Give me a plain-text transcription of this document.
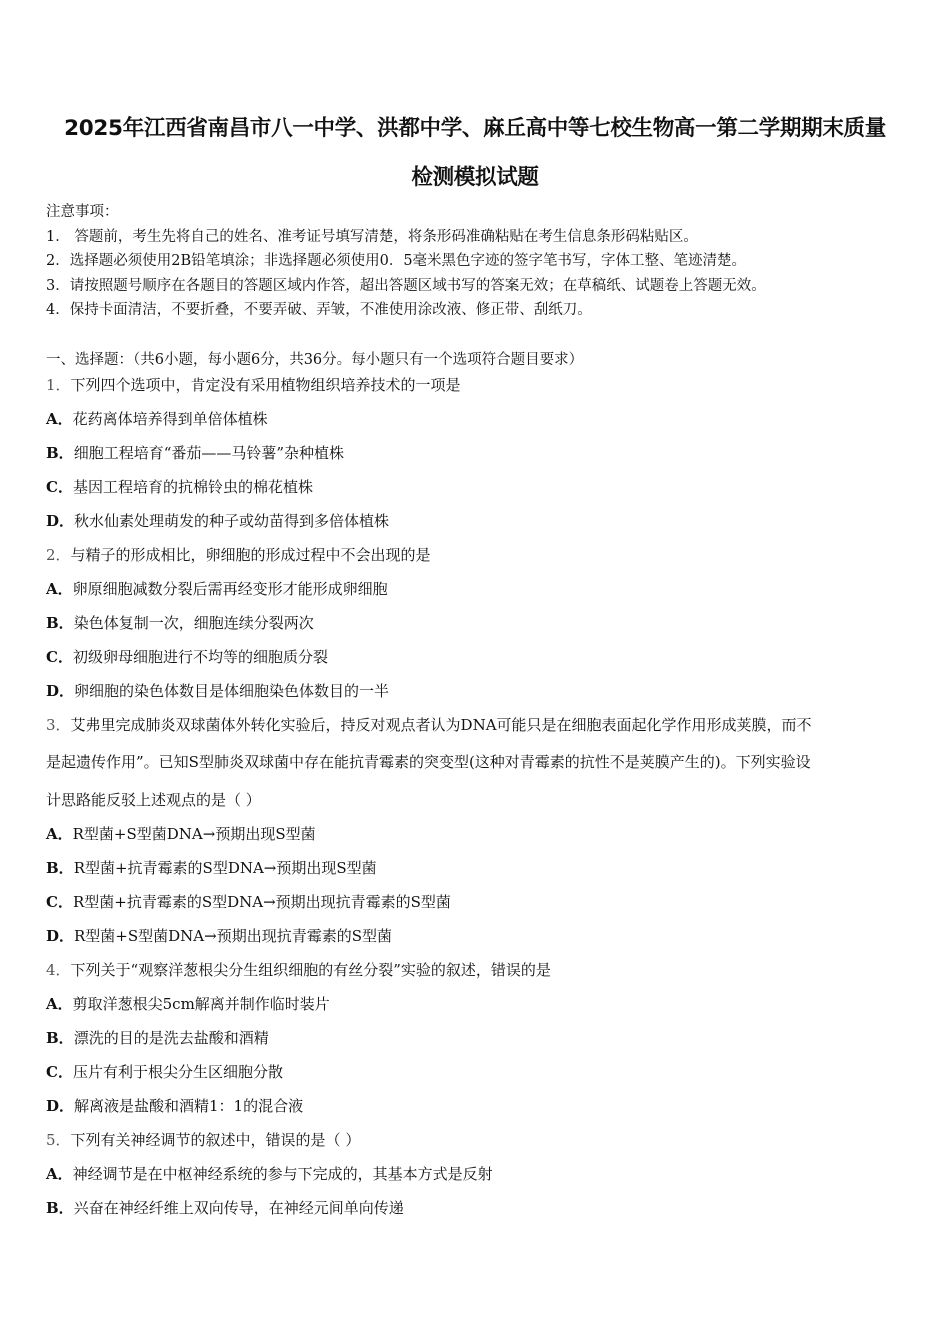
2025年江西省南昌市八一中学、洪都中学、麻丘高中等七校生物高一第二学期期末质量
检测模拟试题
注意事项：
1． 答题前，考生先将自己的姓名、准考证号填写清楚，将条形码准确粘贴在考生信息条形码粘贴区。
2．选择题必须使用2B铅笔填涂；非选择题必须使用0．5毫米黑色字迹的签字笔书写，字体工整、笔迹清楚。
3．请按照题号顺序在各题目的答题区域内作答，超出答题区域书写的答案无效；在草稿纸、试题卷上答题无效。
4．保持卡面清洁，不要折叠，不要弄破、弄皱，不准使用涂改液、修正带、刮纸刀。
一、选择题：（共6小题，每小题6分，共36分。每小题只有一个选项符合题目要求）
1．下列四个选项中，肯定没有采用植物组织培养技术的一项是
A．花药离体培养得到单倍体植株
B．细胞工程培育“番茄——马铃薯”杂种植株
C．基因工程培育的抗棉铃虫的棉花植株
D．秋水仙素处理萌发的种子或幼苗得到多倍体植株
2．与精子的形成相比，卵细胞的形成过程中不会出现的是
A．卵原细胞减数分裂后需再经变形才能形成卵细胞
B．染色体复制一次，细胞连续分裂两次
C．初级卵母细胞进行不均等的细胞质分裂
D．卵细胞的染色体数目是体细胞染色体数目的一半
3．艾弗里完成肺炎双球菌体外转化实验后，持反对观点者认为DNA可能只是在细胞表面起化学作用形成荚膜，而不
是起遗传作用”。已知S型肺炎双球菌中存在能抗青霉素的突变型(这种对青霉素的抗性不是荚膜产生的)。下列实验设
计思路能反驳上述观点的是（ ）
A．R型菌+S型菌DNA→预期出现S型菌
B．R型菌+抗青霉素的S型DNA→预期出现S型菌
C．R型菌+抗青霉素的S型DNA→预期出现抗青霉素的S型菌
D．R型菌+S型菌DNA→预期出现抗青霉素的S型菌
4．下列关于“观察洋葱根尖分生组织细胞的有丝分裂”实验的叙述，错误的是
A．剪取洋葱根尖5cm解离并制作临时装片
B．漂洗的目的是洗去盐酸和酒精
C．压片有利于根尖分生区细胞分散
D．解离液是盐酸和酒精1：1的混合液
5．下列有关神经调节的叙述中，错误的是（ ）
A．神经调节是在中枢神经系统的参与下完成的，其基本方式是反射
B．兴奋在神经纤维上双向传导，在神经元间单向传递
